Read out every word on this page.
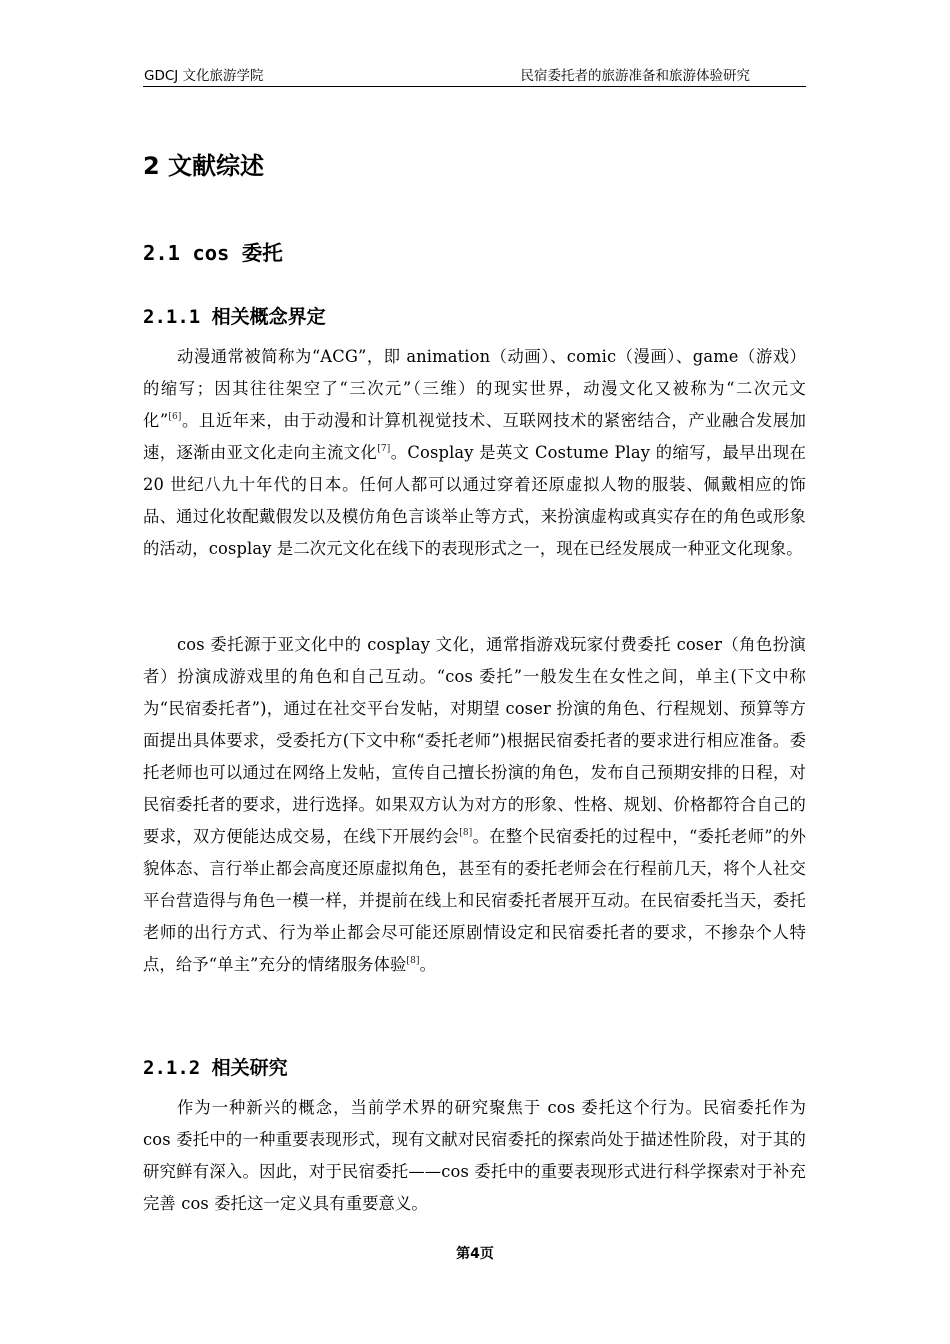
GDCJ 文化旅游学院	民宿委托者的旅游准备和旅游体验研究
2 文献综述
2.1 cos 委托
2.1.1 相关概念界定

动漫通常被简称为“ACG”，即 animation（动画）、comic（漫画）、game（游戏）的缩写；因其往往架空了“三次元”（三维）的现实世界，动漫文化又被称为“二次元文化”[6]。且近年来，由于动漫和计算机视觉技术、互联网技术的紧密结合，产业融合发展加速，逐渐由亚文化走向主流文化[7]。Cosplay 是英文 Costume Play 的缩写，最早出现在 20 世纪八九十年代的日本。任何人都可以通过穿着还原虚拟人物的服装、佩戴相应的饰品、通过化妆配戴假发以及模仿角色言谈举止等方式，来扮演虚构或真实存在的角色或形象的活动，cosplay 是二次元文化在线下的表现形式之一，现在已经发展成一种亚文化现象。

cos 委托源于亚文化中的 cosplay 文化，通常指游戏玩家付费委托 coser（角色扮演者）扮演成游戏里的角色和自己互动。“cos 委托”一般发生在女性之间，单主(下文中称为“民宿委托者”)，通过在社交平台发帖，对期望 coser 扮演的角色、行程规划、预算等方面提出具体要求，受委托方(下文中称“委托老师”)根据民宿委托者的要求进行相应准备。委托老师也可以通过在网络上发帖，宣传自己擅长扮演的角色，发布自己预期安排的日程，对民宿委托者的要求，进行选择。如果双方认为对方的形象、性格、规划、价格都符合自己的要求，双方便能达成交易，在线下开展约会[8]。在整个民宿委托的过程中，“委托老师”的外貌体态、言行举止都会高度还原虚拟角色，甚至有的委托老师会在行程前几天，将个人社交平台营造得与角色一模一样，并提前在线上和民宿委托者展开互动。在民宿委托当天，委托老师的出行方式、行为举止都会尽可能还原剧情设定和民宿委托者的要求，不掺杂个人特点，给予“单主”充分的情绪服务体验[8]。

2.1.2 相关研究

作为一种新兴的概念，当前学术界的研究聚焦于 cos 委托这个行为。民宿委托作为 cos 委托中的一种重要表现形式，现有文献对民宿委托的探索尚处于描述性阶段，对于其的研究鲜有深入。因此，对于民宿委托——cos 委托中的重要表现形式进行科学探索对于补充完善 cos 委托这一定义具有重要意义。

第4页
